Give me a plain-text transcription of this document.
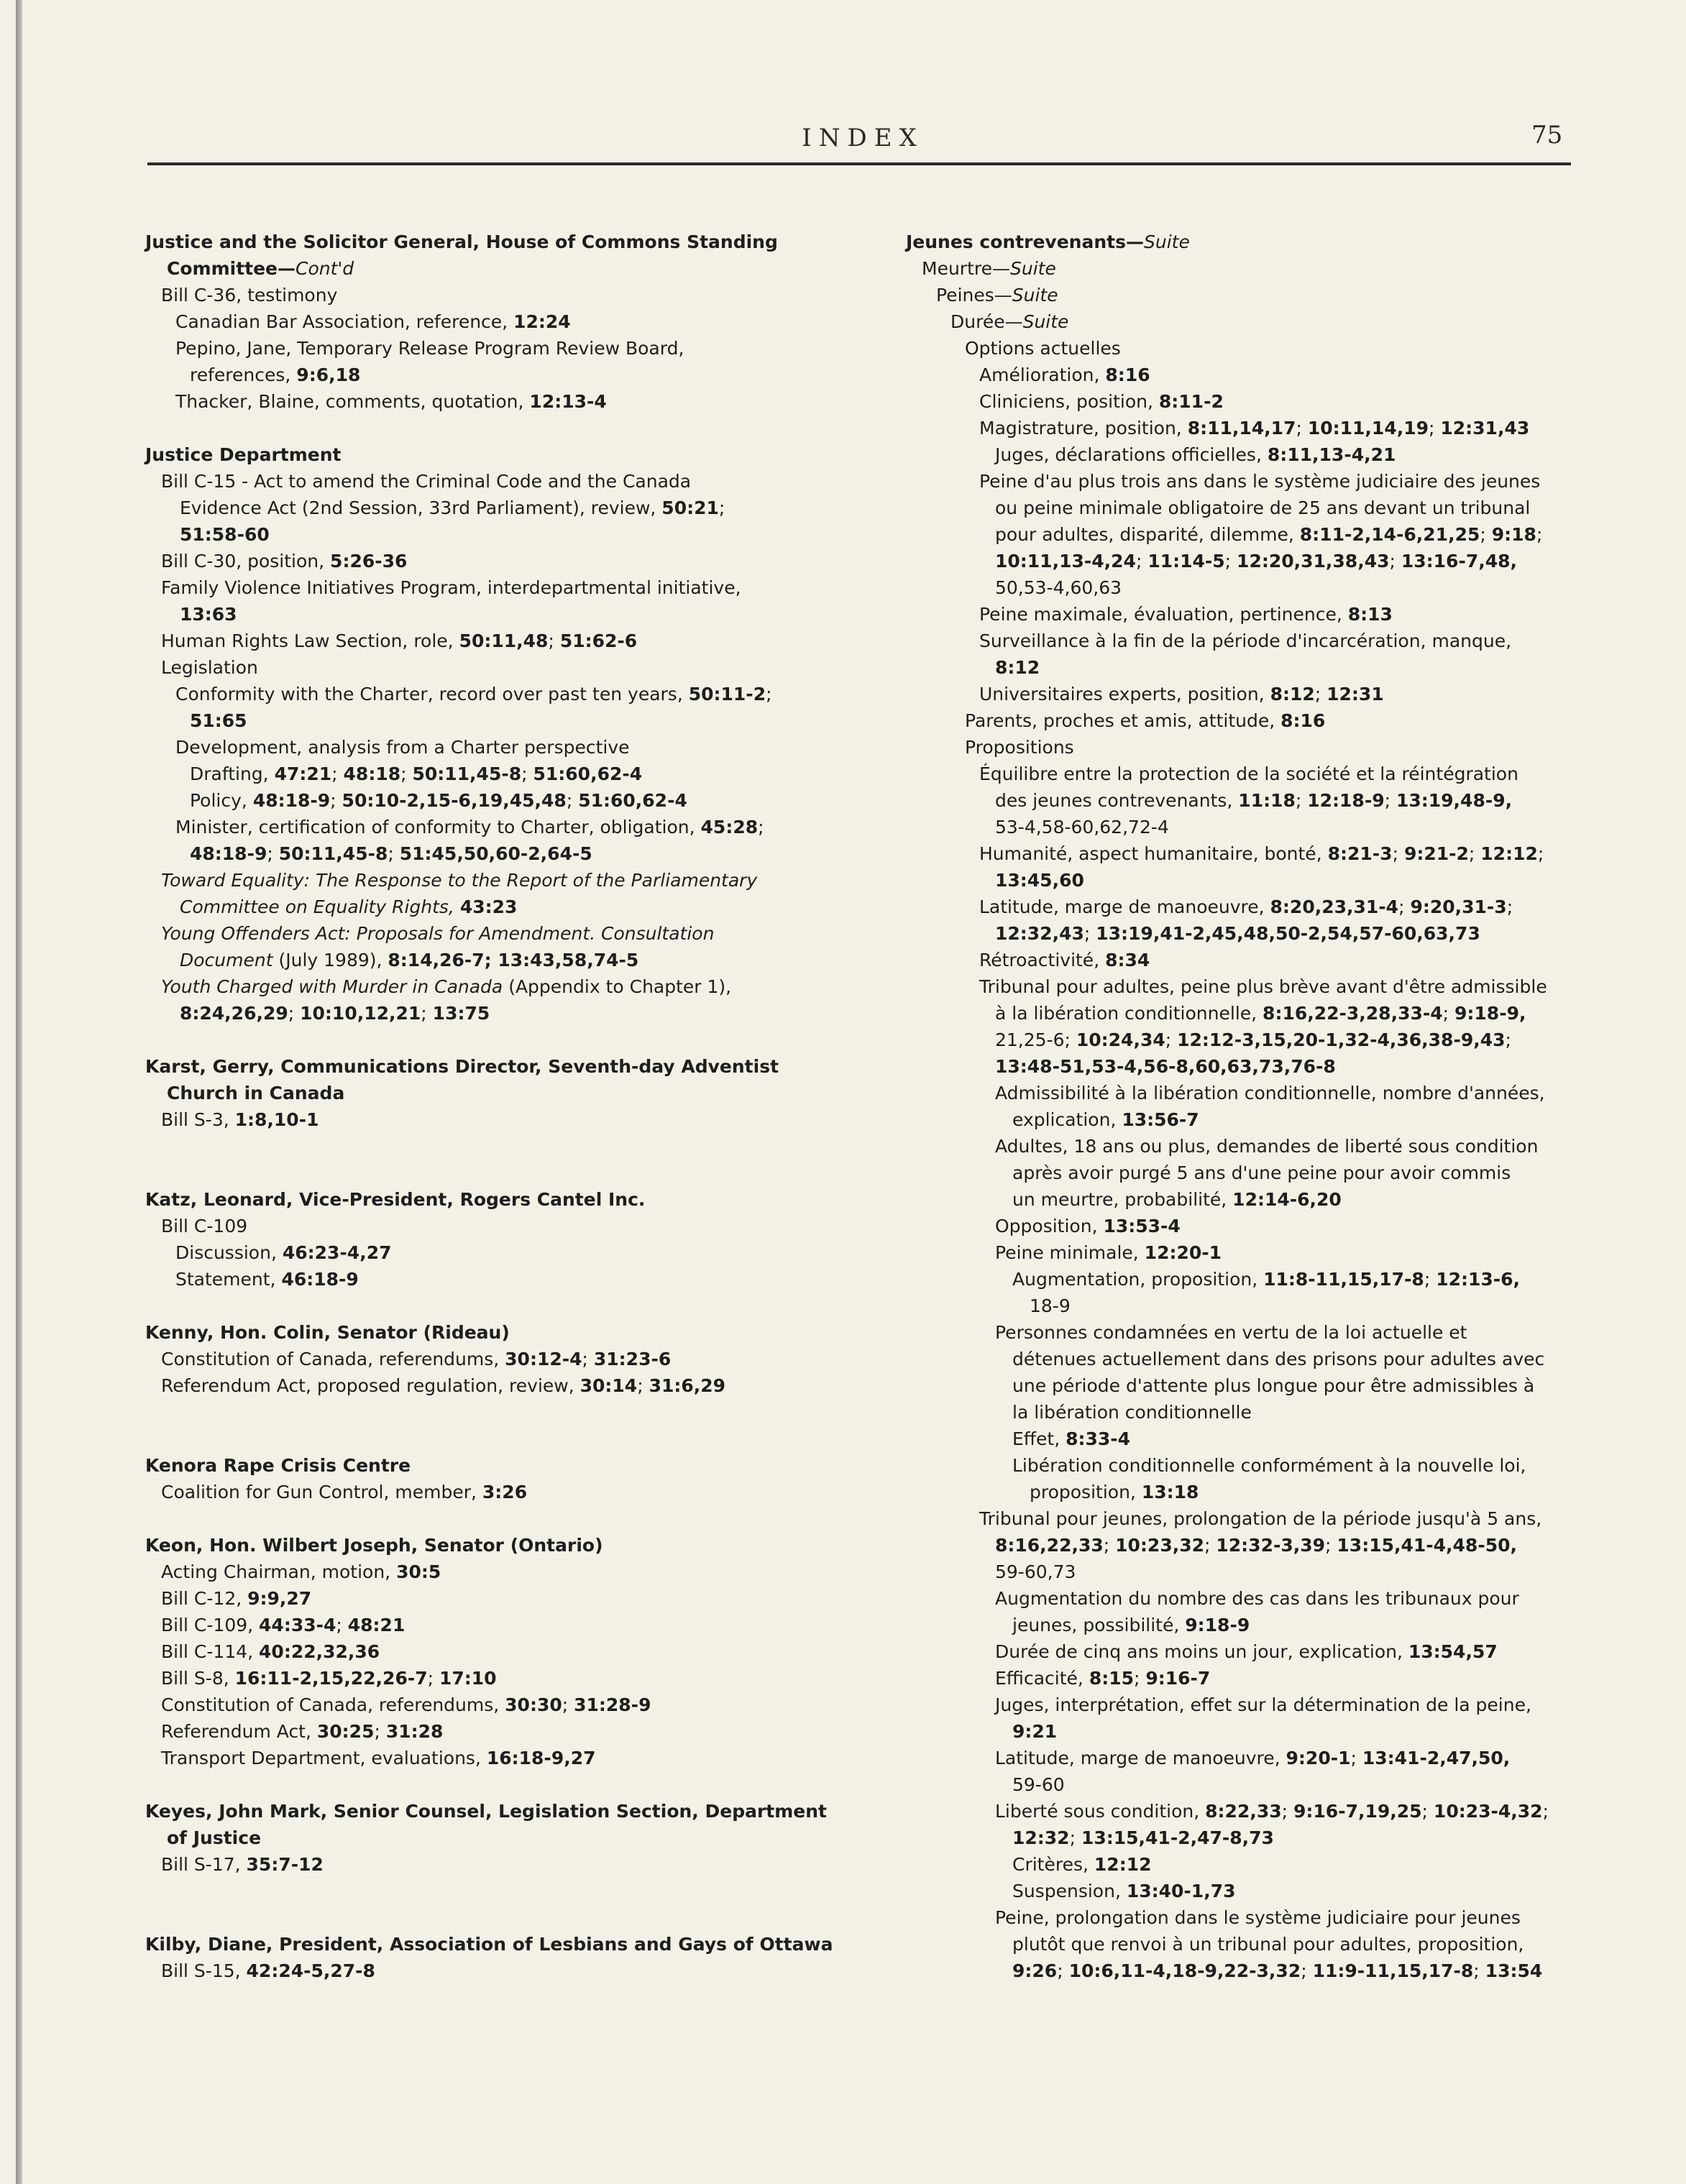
INDEX	75
Justice and the Solicitor General, House of Commons Standing
Committee—Cont'd
Bill C-36, testimony
Canadian Bar Association, reference, 12:24
Pepino, Jane, Temporary Release Program Review Board,
references, 9:6,18
Thacker, Blaine, comments, quotation, 12:13-4
Justice Department
Bill C-15 - Act to amend the Criminal Code and the Canada
Evidence Act (2nd Session, 33rd Parliament), review, 50:21;
51:58-60
Bill C-30, position, 5:26-36
Family Violence Initiatives Program, interdepartmental initiative,
13:63
Human Rights Law Section, role, 50:11,48; 51:62-6
Legislation
Conformity with the Charter, record over past ten years, 50:11-2;
51:65
Development, analysis from a Charter perspective
Drafting, 47:21; 48:18; 50:11,45-8; 51:60,62-4
Policy, 48:18-9; 50:10-2,15-6,19,45,48; 51:60,62-4
Minister, certification of conformity to Charter, obligation, 45:28;
48:18-9; 50:11,45-8; 51:45,50,60-2,64-5
Toward Equality: The Response to the Report of the Parliamentary
Committee on Equality Rights, 43:23
Young Offenders Act: Proposals for Amendment. Consultation
Document (July 1989), 8:14,26-7; 13:43,58,74-5
Youth Charged with Murder in Canada (Appendix to Chapter 1),
8:24,26,29; 10:10,12,21; 13:75
Karst, Gerry, Communications Director, Seventh-day Adventist
Church in Canada
Bill S-3, 1:8,10-1
Katz, Leonard, Vice-President, Rogers Cantel Inc.
Bill C-109
Discussion, 46:23-4,27
Statement, 46:18-9
Kenny, Hon. Colin, Senator (Rideau)
Constitution of Canada, referendums, 30:12-4; 31:23-6
Referendum Act, proposed regulation, review, 30:14; 31:6,29
Kenora Rape Crisis Centre
Coalition for Gun Control, member, 3:26
Keon, Hon. Wilbert Joseph, Senator (Ontario)
Acting Chairman, motion, 30:5
Bill C-12, 9:9,27
Bill C-109, 44:33-4; 48:21
Bill C-114, 40:22,32,36
Bill S-8, 16:11-2,15,22,26-7; 17:10
Constitution of Canada, referendums, 30:30; 31:28-9
Referendum Act, 30:25; 31:28
Transport Department, evaluations, 16:18-9,27
Keyes, John Mark, Senior Counsel, Legislation Section, Department
of Justice
Bill S-17, 35:7-12
Kilby, Diane, President, Association of Lesbians and Gays of Ottawa
Bill S-15, 42:24-5,27-8
Jeunes contrevenants—Suite
Meurtre—Suite
Peines—Suite
Durée—Suite
Options actuelles
Amélioration, 8:16
Cliniciens, position, 8:11-2
Magistrature, position, 8:11,14,17; 10:11,14,19; 12:31,43
Juges, déclarations officielles, 8:11,13-4,21
Peine d'au plus trois ans dans le système judiciaire des jeunes
ou peine minimale obligatoire de 25 ans devant un tribunal
pour adultes, disparité, dilemme, 8:11-2,14-6,21,25; 9:18;
10:11,13-4,24; 11:14-5; 12:20,31,38,43; 13:16-7,48,
50,53-4,60,63
Peine maximale, évaluation, pertinence, 8:13
Surveillance à la fin de la période d'incarcération, manque,
8:12
Universitaires experts, position, 8:12; 12:31
Parents, proches et amis, attitude, 8:16
Propositions
Équilibre entre la protection de la société et la réintégration
des jeunes contrevenants, 11:18; 12:18-9; 13:19,48-9,
53-4,58-60,62,72-4
Humanité, aspect humanitaire, bonté, 8:21-3; 9:21-2; 12:12;
13:45,60
Latitude, marge de manoeuvre, 8:20,23,31-4; 9:20,31-3;
12:32,43; 13:19,41-2,45,48,50-2,54,57-60,63,73
Rétroactivité, 8:34
Tribunal pour adultes, peine plus brève avant d'être admissible
à la libération conditionnelle, 8:16,22-3,28,33-4; 9:18-9,
21,25-6; 10:24,34; 12:12-3,15,20-1,32-4,36,38-9,43;
13:48-51,53-4,56-8,60,63,73,76-8
Admissibilité à la libération conditionnelle, nombre d'années,
explication, 13:56-7
Adultes, 18 ans ou plus, demandes de liberté sous condition
après avoir purgé 5 ans d'une peine pour avoir commis
un meurtre, probabilité, 12:14-6,20
Opposition, 13:53-4
Peine minimale, 12:20-1
Augmentation, proposition, 11:8-11,15,17-8; 12:13-6,
18-9
Personnes condamnées en vertu de la loi actuelle et
détenues actuellement dans des prisons pour adultes avec
une période d'attente plus longue pour être admissibles à
la libération conditionnelle
Effet, 8:33-4
Libération conditionnelle conformément à la nouvelle loi,
proposition, 13:18
Tribunal pour jeunes, prolongation de la période jusqu'à 5 ans,
8:16,22,33; 10:23,32; 12:32-3,39; 13:15,41-4,48-50,
59-60,73
Augmentation du nombre des cas dans les tribunaux pour
jeunes, possibilité, 9:18-9
Durée de cinq ans moins un jour, explication, 13:54,57
Efficacité, 8:15; 9:16-7
Juges, interprétation, effet sur la détermination de la peine,
9:21
Latitude, marge de manoeuvre, 9:20-1; 13:41-2,47,50,
59-60
Liberté sous condition, 8:22,33; 9:16-7,19,25; 10:23-4,32;
12:32; 13:15,41-2,47-8,73
Critères, 12:12
Suspension, 13:40-1,73
Peine, prolongation dans le système judiciaire pour jeunes
plutôt que renvoi à un tribunal pour adultes, proposition,
9:26; 10:6,11-4,18-9,22-3,32; 11:9-11,15,17-8; 13:54
